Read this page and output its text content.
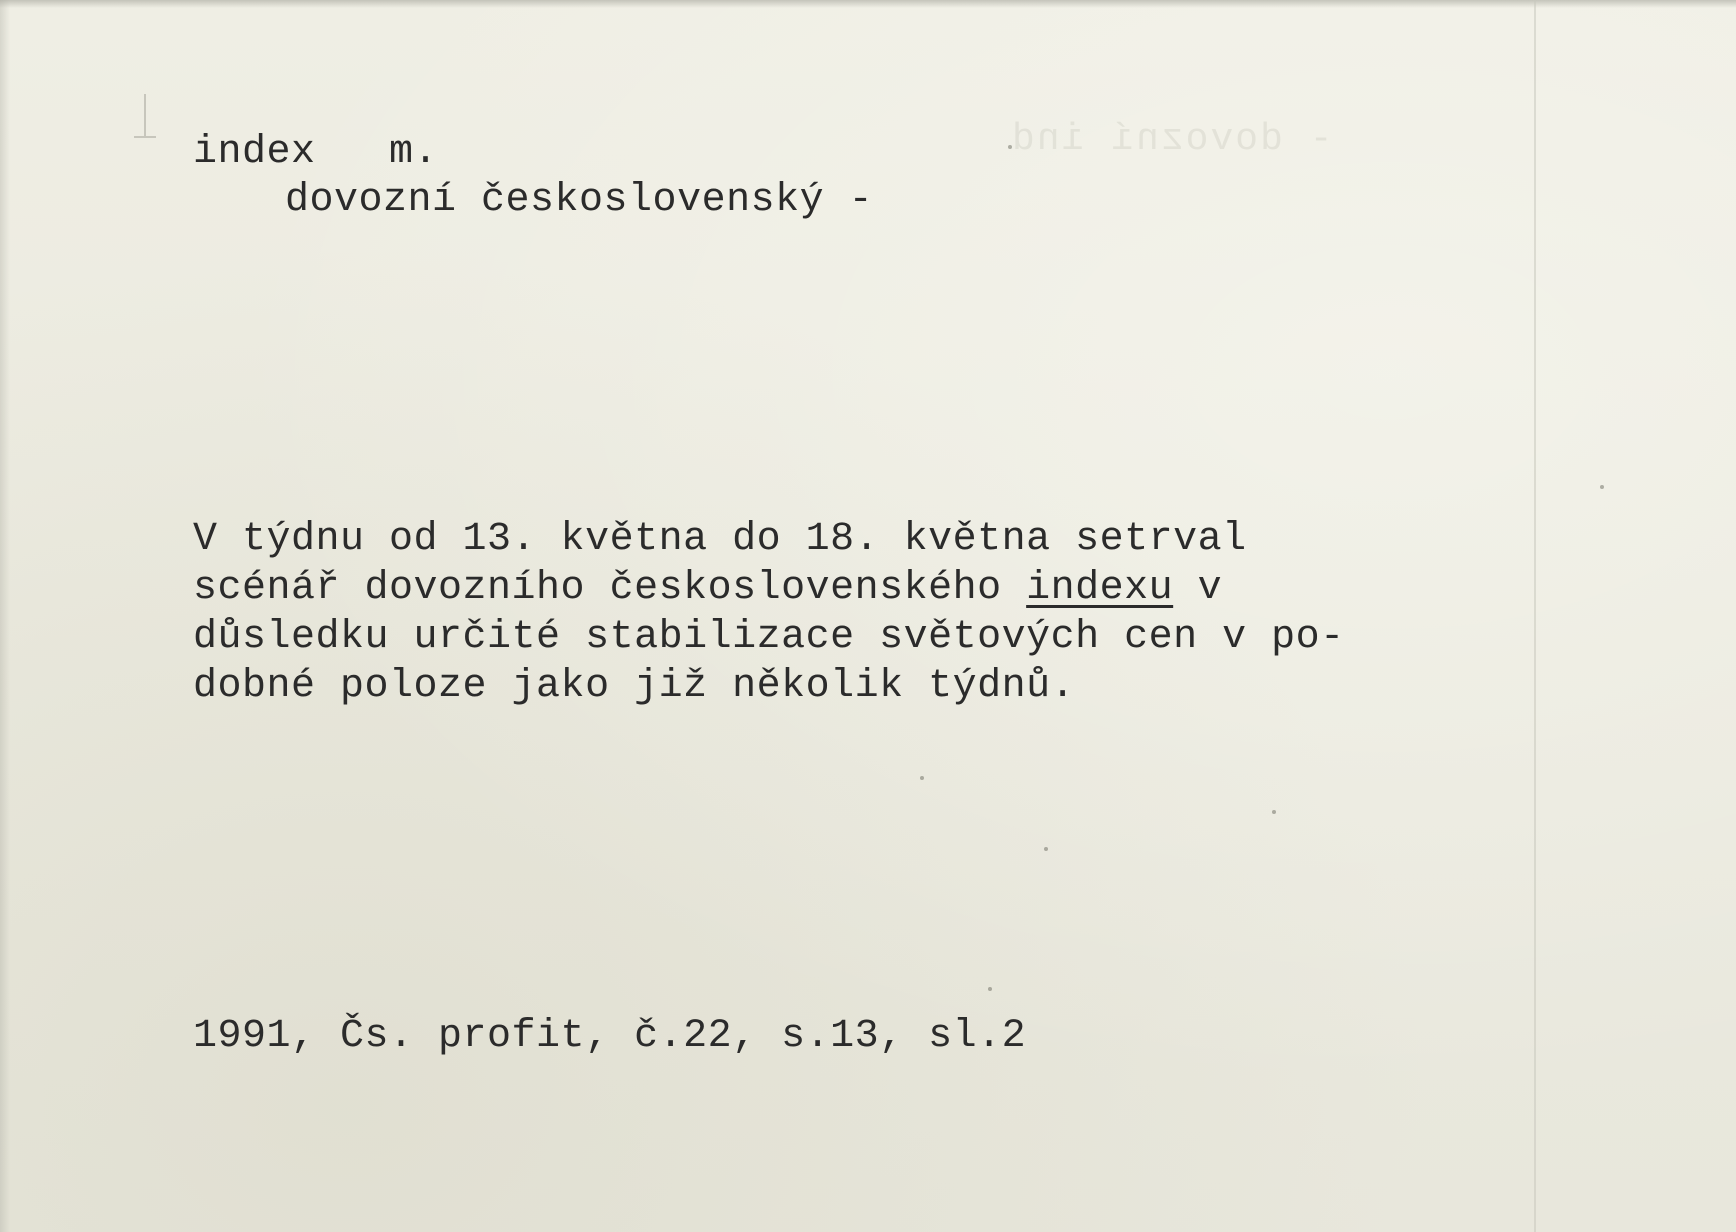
- dovozní ind
index m.
dovozní československý -
V týdnu od 13. května do 18. května setrval
scénář dovozního československého indexu v
důsledku určité stabilizace světových cen v po-
dobné poloze jako již několik týdnů.
1991, Čs. profit, č.22, s.13, sl.2
